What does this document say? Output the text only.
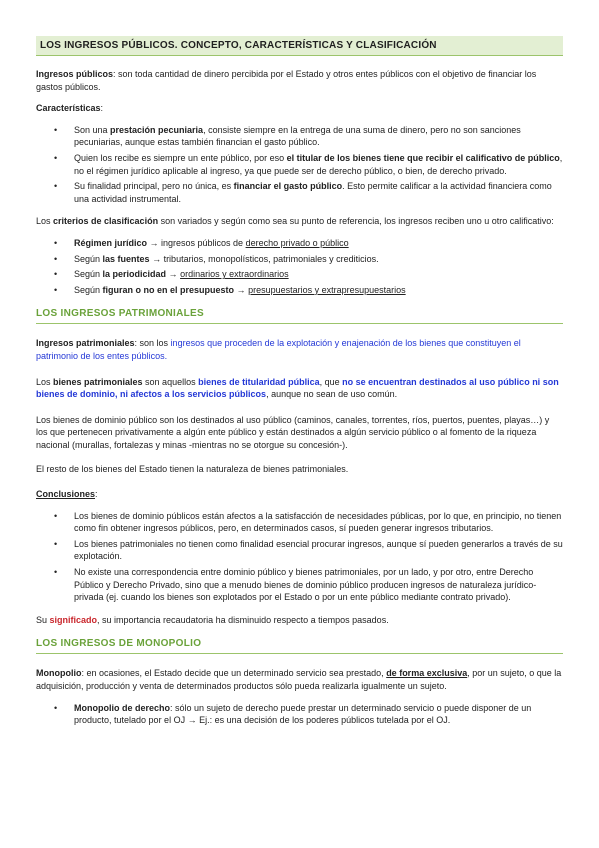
LOS INGRESOS PÚBLICOS. CONCEPTO, CARACTERÍSTICAS Y CLASIFICACIÓN

Ingresos públicos: son toda cantidad de dinero percibida por el Estado y otros entes públicos con el objetivo de financiar los gastos públicos.

Características:

• Son una prestación pecuniaria, consiste siempre en la entrega de una suma de dinero, pero no son sanciones pecuniarias, aunque estas también financian el gasto público.
• Quien los recibe es siempre un ente público, por eso el titular de los bienes tiene que recibir el calificativo de público, no el régimen jurídico aplicable al ingreso, ya que puede ser de derecho público, o bien, de derecho privado.
• Su finalidad principal, pero no única, es financiar el gasto público. Esto permite calificar a la actividad financiera como una actividad instrumental.

Los criterios de clasificación son variados y según como sea su punto de referencia, los ingresos reciben uno u otro calificativo:

• Régimen jurídico → ingresos públicos de derecho privado o público
• Según las fuentes → tributarios, monopolísticos, patrimoniales y crediticios.
• Según la periodicidad → ordinarios y extraordinarios
• Según figuran o no en el presupuesto → presupuestarios y extrapresupuestarios
LOS INGRESOS PATRIMONIALES

Ingresos patrimoniales: son los ingresos que proceden de la explotación y enajenación de los bienes que constituyen el patrimonio de los entes públicos.

Los bienes patrimoniales son aquellos bienes de titularidad pública, que no se encuentran destinados al uso público ni son bienes de dominio, ni afectos a los servicios públicos, aunque no sean de uso común.

Los bienes de dominio público son los destinados al uso público (caminos, canales, torrentes, ríos, puertos, puentes, playas…) y los que pertenecen privativamente a algún ente público y están destinados a algún servicio público o al fomento de la riqueza nacional (murallas, fortalezas y minas -mientras no se otorgue su concesión-).

El resto de los bienes del Estado tienen la naturaleza de bienes patrimoniales.

Conclusiones:

• Los bienes de dominio públicos están afectos a la satisfacción de necesidades públicas, por lo que, en principio, no tienen como fin obtener ingresos públicos, pero, en determinados casos, sí pueden generar ingresos tributarios.
• Los bienes patrimoniales no tienen como finalidad esencial procurar ingresos, aunque sí pueden generarlos a través de su explotación.
• No existe una correspondencia entre dominio público y bienes patrimoniales, por un lado, y por otro, entre Derecho Público y Derecho Privado, sino que a menudo bienes de dominio público producen ingresos de naturaleza jurídico-privada (ej. cuando los bienes son explotados por el Estado o por un ente público mediante contrato privado).

Su significado, su importancia recaudatoria ha disminuido respecto a tiempos pasados.

LOS INGRESOS DE MONOPOLIO

Monopolio: en ocasiones, el Estado decide que un determinado servicio sea prestado, de forma exclusiva, por un sujeto, o que la adquisición, producción y venta de determinados productos sólo pueda realizarla igualmente un sujeto.

• Monopolio de derecho: sólo un sujeto de derecho puede prestar un determinado servicio o puede disponer de un producto, tutelado por el OJ → Ej.: es una decisión de los poderes públicos tutelada por el OJ.
